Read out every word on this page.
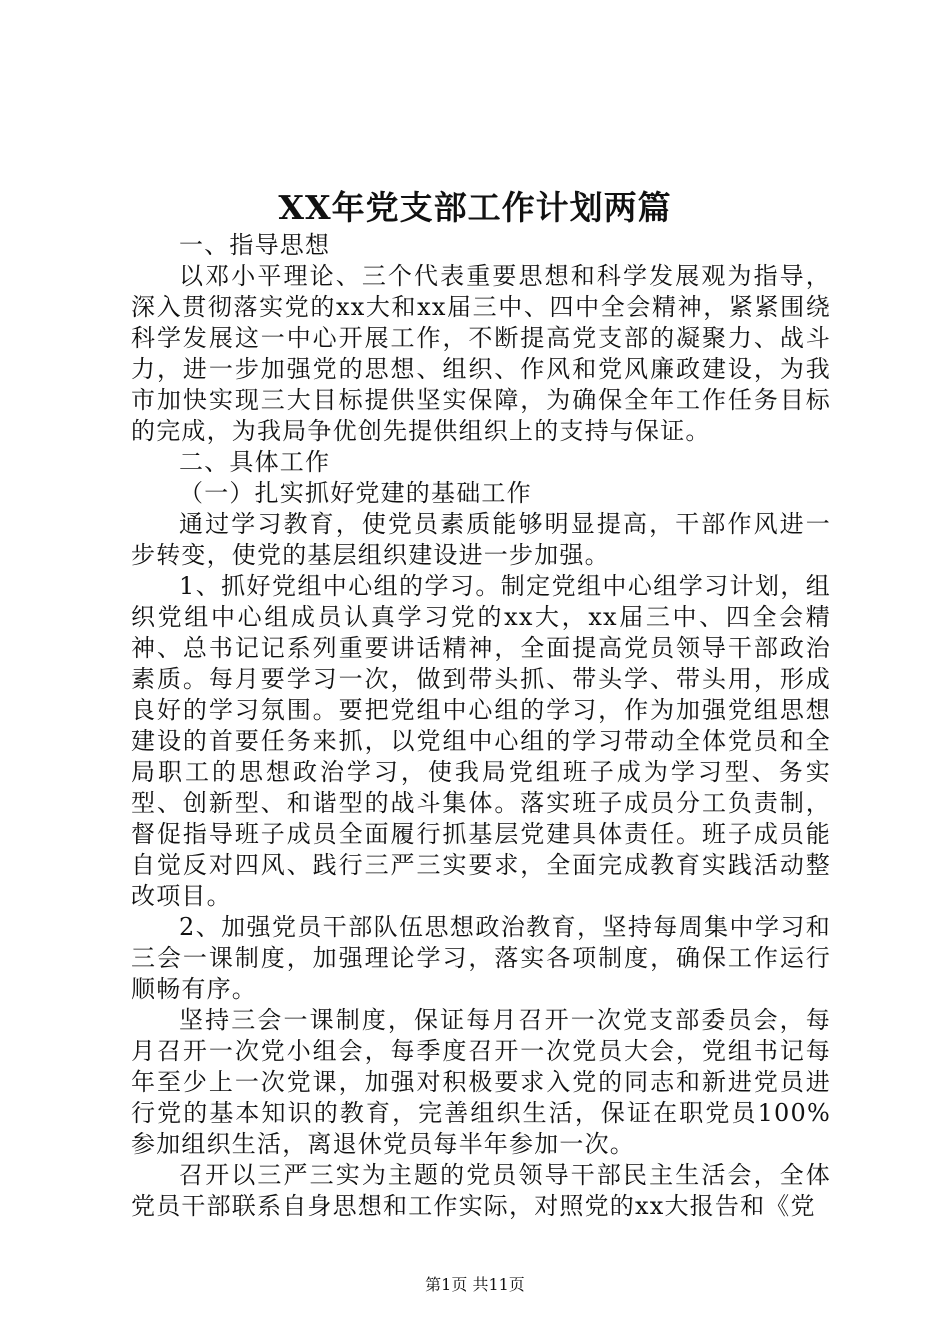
XX年党支部工作计划两篇

一、指导思想

以邓小平理论、三个代表重要思想和科学发展观为指导，深入贯彻落实党的xx大和xx届三中、四中全会精神，紧紧围绕科学发展这一中心开展工作，不断提高党支部的凝聚力、战斗力，进一步加强党的思想、组织、作风和党风廉政建设，为我市加快实现三大目标提供坚实保障，为确保全年工作任务目标的完成，为我局争优创先提供组织上的支持与保证。

二、具体工作

（一）扎实抓好党建的基础工作

通过学习教育，使党员素质能够明显提高，干部作风进一步转变，使党的基层组织建设进一步加强。

1、抓好党组中心组的学习。制定党组中心组学习计划，组织党组中心组成员认真学习党的xx大，xx届三中、四全会精神、总书记记系列重要讲话精神，全面提高党员领导干部政治素质。每月要学习一次，做到带头抓、带头学、带头用，形成良好的学习氛围。要把党组中心组的学习，作为加强党组思想建设的首要任务来抓，以党组中心组的学习带动全体党员和全局职工的思想政治学习，使我局党组班子成为学习型、务实型、创新型、和谐型的战斗集体。落实班子成员分工负责制，督促指导班子成员全面履行抓基层党建具体责任。班子成员能自觉反对四风、践行三严三实要求，全面完成教育实践活动整改项目。

2、加强党员干部队伍思想政治教育，坚持每周集中学习和三会一课制度，加强理论学习，落实各项制度，确保工作运行顺畅有序。

坚持三会一课制度，保证每月召开一次党支部委员会，每月召开一次党小组会，每季度召开一次党员大会，党组书记每年至少上一次党课，加强对积极要求入党的同志和新进党员进行党的基本知识的教育，完善组织生活，保证在职党员100%参加组织生活，离退休党员每半年参加一次。

召开以三严三实为主题的党员领导干部民主生活会，全体党员干部联系自身思想和工作实际，对照党的xx大报告和《党

第1页 共11页
